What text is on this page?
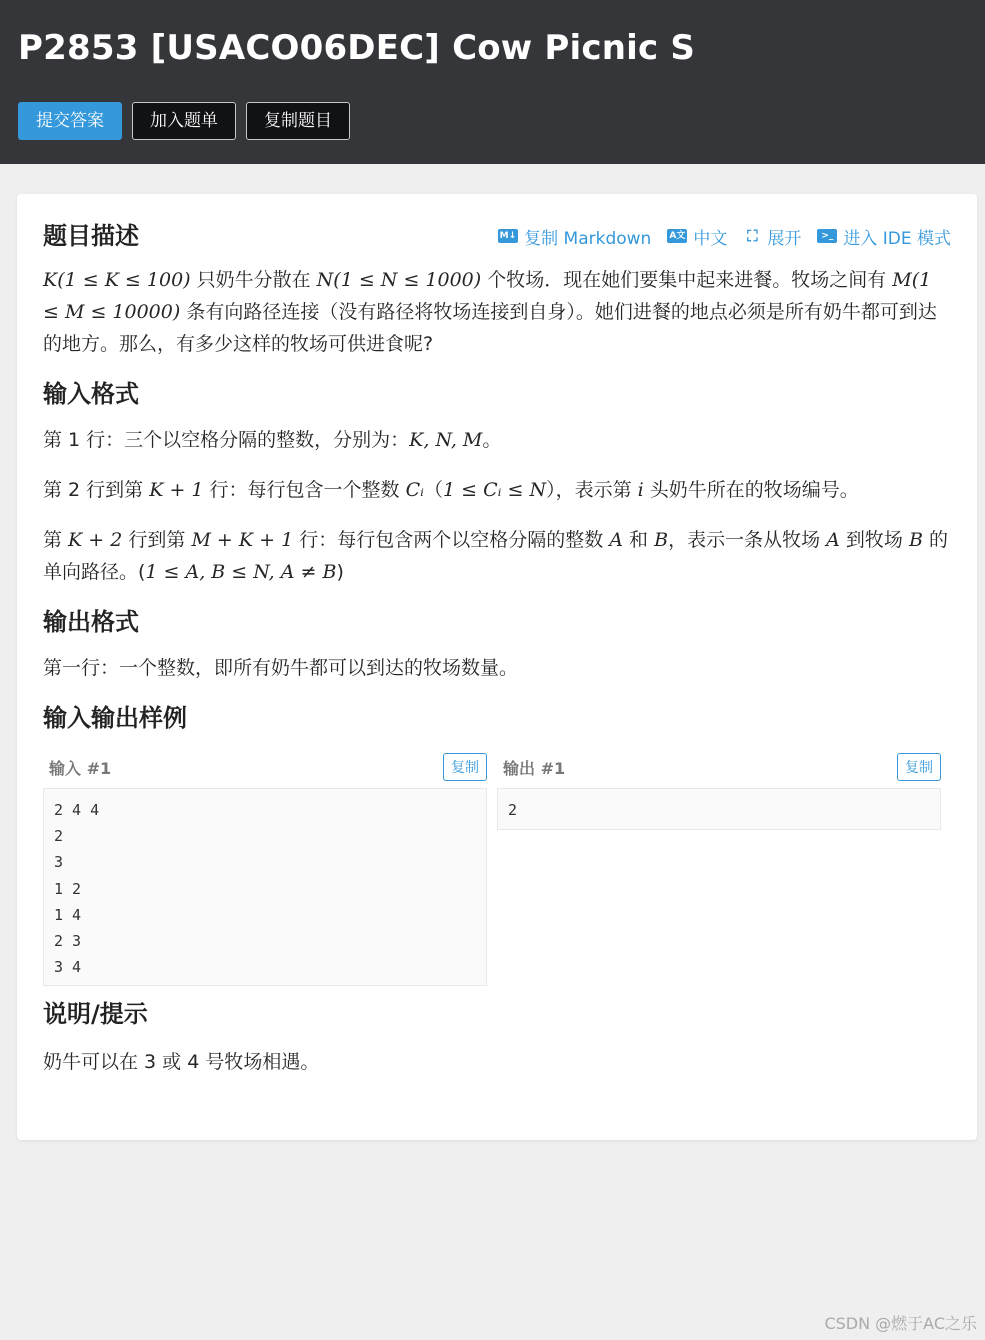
P2853 [USACO06DEC] Cow Picnic S
提交答案	加入题单	复制题目
题目描述	M↓ 复制 Markdown A文 中文 ⛶ 展开	>_ 进入 IDE 模式

K(1 ≤ K ≤ 100) 只奶牛分散在 N(1 ≤ N ≤ 1000) 个牧场．现在她们要集中起来进餐。牧场之间有 M(1 ≤ M ≤ 10000) 条有向路径连接（没有路径将牧场连接到自身）。她们进餐的地点必须是所有奶牛都可到达的地方。那么，有多少这样的牧场可供进食呢?

输入格式

第 1 行：三个以空格分隔的整数，分别为：K, N, M。

第 2 行到第 K + 1 行：每行包含一个整数 Cᵢ（1 ≤ Cᵢ ≤ N），表示第 i 头奶牛所在的牧场编号。

第 K + 2 行到第 M + K + 1 行：每行包含两个以空格分隔的整数 A 和 B，表示一条从牧场 A 到牧场 B 的单向路径。(1 ≤ A, B ≤ N, A ≠ B)

输出格式

第一行：一个整数，即所有奶牛都可以到达的牧场数量。

输入输出样例
输入 #1	复制
2 4 4
2
3
1 2
1 4
2 3
3 4
输出 #1	复制
2
说明/提示

奶牛可以在 3 或 4 号牧场相遇。

CSDN @燃于AC之乐
